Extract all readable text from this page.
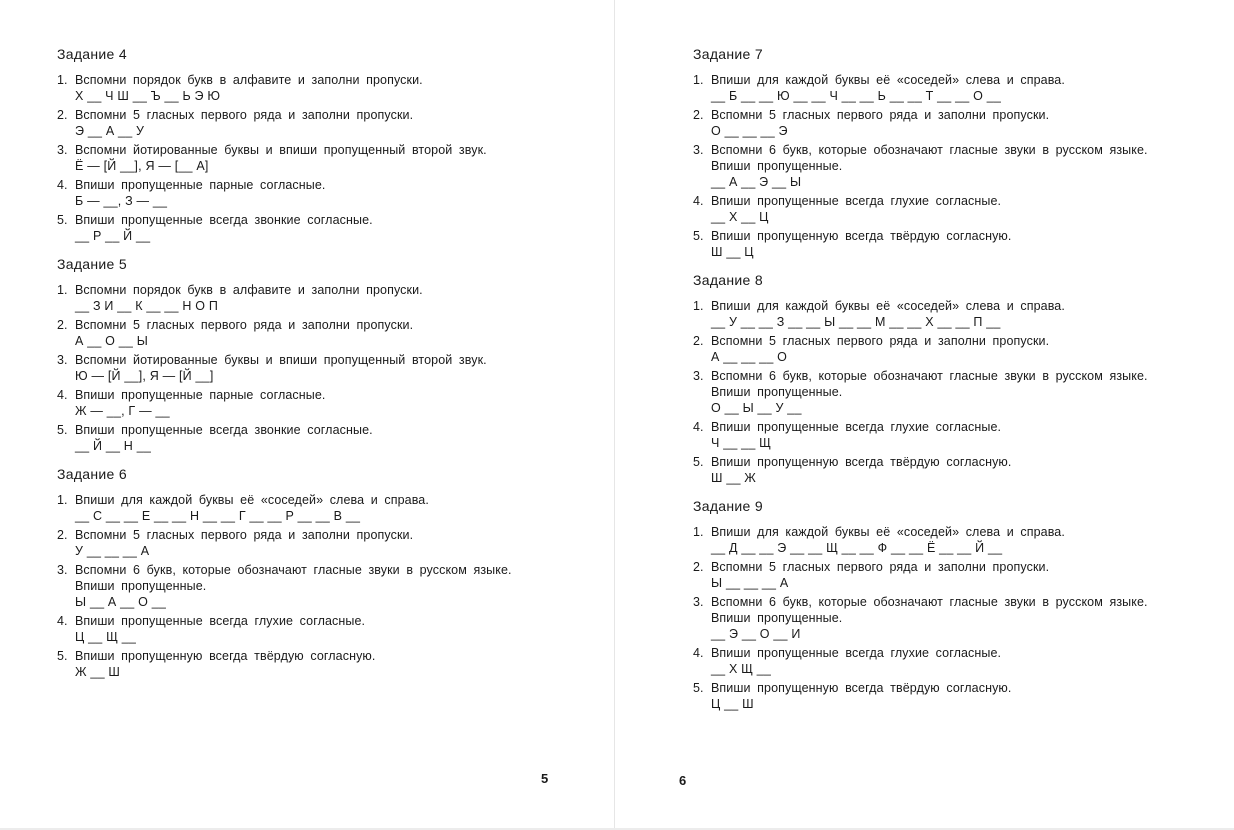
Задание 4
1. Вспомни порядок букв в алфавите и заполни пропуски.
Х __ Ч Ш __ Ъ __ Ь Э Ю
2. Вспомни 5 гласных первого ряда и заполни пропуски.
Э __ А __ У
3. Вспомни йотированные буквы и впиши пропущенный второй звук.
Ё — [Й __], Я — [__ А]
4. Впиши пропущенные парные согласные.
Б — __, З — __
5. Впиши пропущенные всегда звонкие согласные.
__ Р __ Й __
Задание 5
1. Вспомни порядок букв в алфавите и заполни пропуски.
__ З И __ К __ __ Н О П
2. Вспомни 5 гласных первого ряда и заполни пропуски.
А __ О __ Ы
3. Вспомни йотированные буквы и впиши пропущенный второй звук.
Ю — [Й __], Я — [Й __]
4. Впиши пропущенные парные согласные.
Ж — __, Г — __
5. Впиши пропущенные всегда звонкие согласные.
__ Й __ Н __
Задание 6
1. Впиши для каждой буквы её «соседей» слева и справа.
__ С __ __ Е __ __ Н __ __ Г __ __ Р __ __ В __
2. Вспомни 5 гласных первого ряда и заполни пропуски.
У __ __ __ А
3. Вспомни 6 букв, которые обозначают гласные звуки в русском языке.
Впиши пропущенные.
Ы __ А __ О __
4. Впиши пропущенные всегда глухие согласные.
Ц __ Щ __
5. Впиши пропущенную всегда твёрдую согласную.
Ж __ Ш
5
Задание 7
1. Впиши для каждой буквы её «соседей» слева и справа.
__ Б __ __ Ю __ __ Ч __ __ Ь __ __ Т __ __ О __
2. Вспомни 5 гласных первого ряда и заполни пропуски.
О __ __ __ Э
3. Вспомни 6 букв, которые обозначают гласные звуки в русском языке.
Впиши пропущенные.
__ А __ Э __ Ы
4. Впиши пропущенные всегда глухие согласные.
__ Х __ Ц
5. Впиши пропущенную всегда твёрдую согласную.
Ш __ Ц
Задание 8
1. Впиши для каждой буквы её «соседей» слева и справа.
__ У __ __ З __ __ Ы __ __ М __ __ Х __ __ П __
2. Вспомни 5 гласных первого ряда и заполни пропуски.
А __ __ __ О
3. Вспомни 6 букв, которые обозначают гласные звуки в русском языке.
Впиши пропущенные.
О __ Ы __ У __
4. Впиши пропущенные всегда глухие согласные.
Ч __ __ Щ
5. Впиши пропущенную всегда твёрдую согласную.
Ш __ Ж
Задание 9
1. Впиши для каждой буквы её «соседей» слева и справа.
__ Д __ __ Э __ __ Щ __ __ Ф __ __ Ё __ __ Й __
2. Вспомни 5 гласных первого ряда и заполни пропуски.
Ы __ __ __ А
3. Вспомни 6 букв, которые обозначают гласные звуки в русском языке.
Впиши пропущенные.
__ Э __ О __ И
4. Впиши пропущенные всегда глухие согласные.
__ Х Щ __
5. Впиши пропущенную всегда твёрдую согласную.
Ц __ Ш
6
